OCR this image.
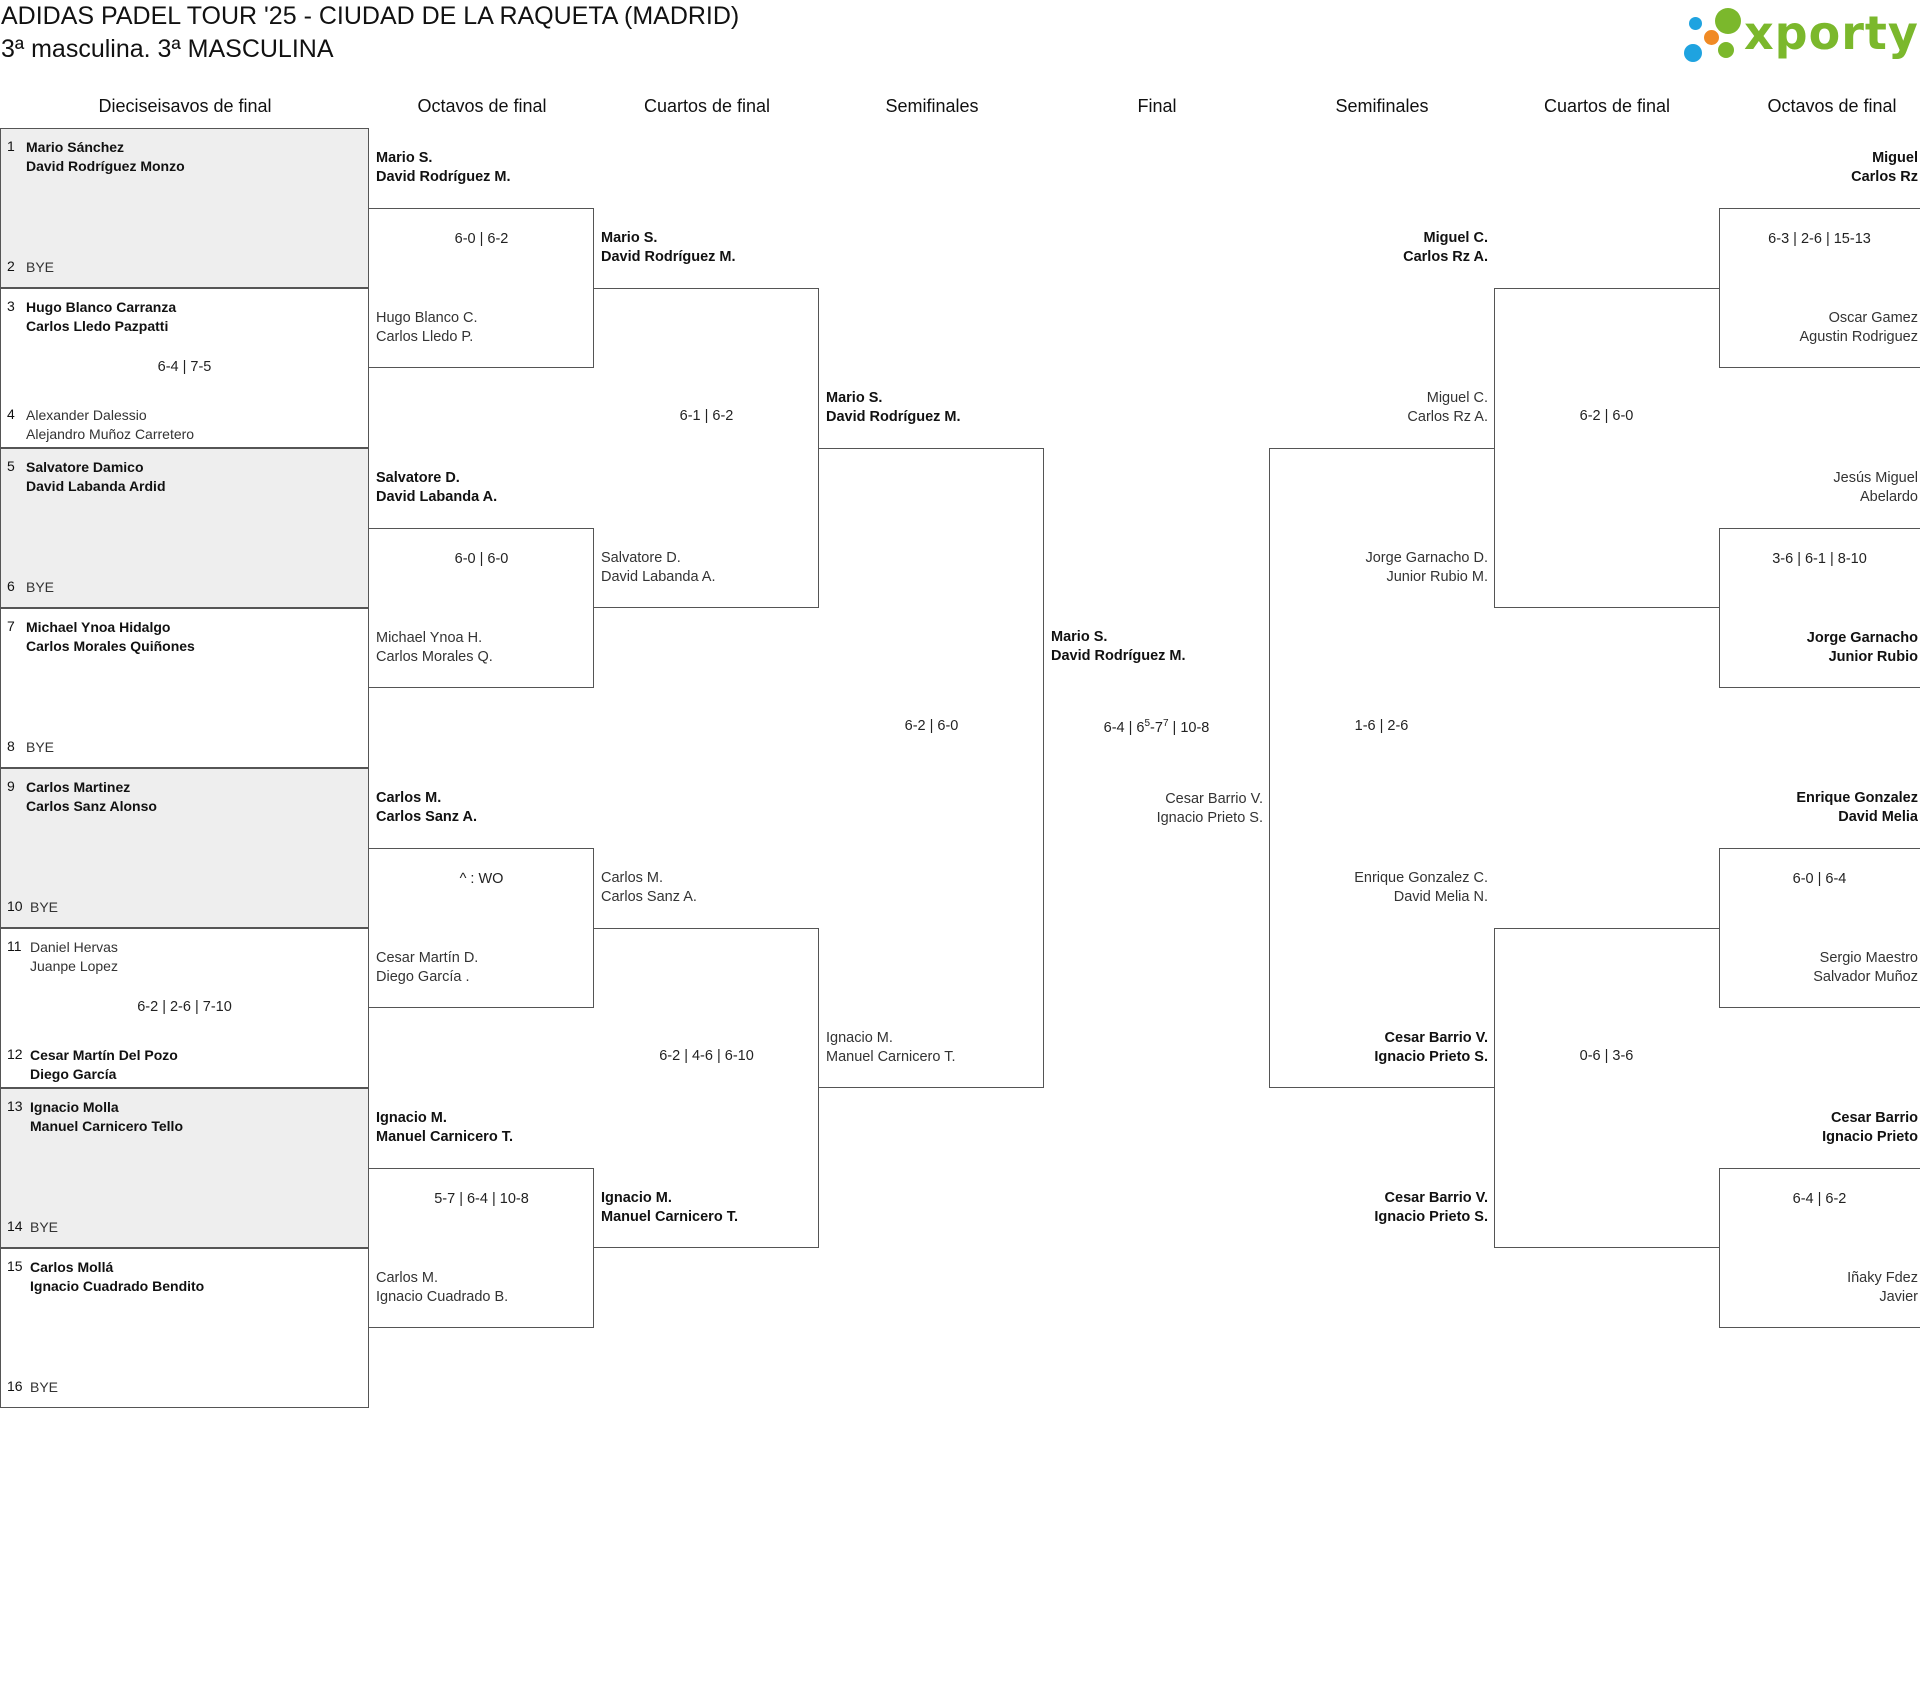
ADIDAS PADEL TOUR '25 - CIUDAD DE LA RAQUETA (MADRID)
3ª masculina. 3ª MASCULINA	xporty
Dieciseisavos de final	Octavos de final	Cuartos de final	Semifinales	Final	Semifinales	Cuartos de final	Octavos de final
1 Mario Sánchez
David Rodríguez Monzo
2 BYE
3 Hugo Blanco Carranza
Carlos Lledo Pazpatti
4 Alexander Dalessio
Alejandro Muñoz Carretero
6-4 | 7-5
5 Salvatore Damico
David Labanda Ardid
6 BYE
7 Michael Ynoa Hidalgo
Carlos Morales Quiñones
8 BYE
9 Carlos Martinez
Carlos Sanz Alonso
10 BYE
11 Daniel Hervas
Juanpe Lopez
12 Cesar Martín Del Pozo
Diego García
6-2 | 2-6 | 7-10
13 Ignacio Molla
Manuel Carnicero Tello
14 BYE
15 Carlos Mollá
Ignacio Cuadrado Bendito
16 BYE
Mario S.
David Rodríguez M.
Hugo Blanco C.
Carlos Lledo P.
6-0 | 6-2
Salvatore D.
David Labanda A.
Michael Ynoa H.
Carlos Morales Q.
6-0 | 6-0
Carlos M.
Carlos Sanz A.
Cesar Martín D.
Diego García .
^ : WO
Ignacio M.
Manuel Carnicero T.
Carlos M.
Ignacio Cuadrado B.
5-7 | 6-4 | 10-8
Mario S.
David Rodríguez M.
Salvatore D.
David Labanda A.
6-1 | 6-2
Carlos M.
Carlos Sanz A.
Ignacio M.
Manuel Carnicero T.
6-2 | 4-6 | 6-10
Mario S.
David Rodríguez M.
Ignacio M.
Manuel Carnicero T.
6-2 | 6-0
Mario S.
David Rodríguez M.
6-4 | $6^5-7^7$ | 10-8
Cesar Barrio V.
Ignacio Prieto S.
Miguel C.
Carlos Rz A.
Cesar Barrio V.
Ignacio Prieto S.
1-6 | 2-6
Miguel C.
Carlos Rz A.
Jorge Garnacho D.
Junior Rubio M.
6-2 | 6-0
Enrique Gonzalez C.
David Melia N.
Cesar Barrio V.
Ignacio Prieto S.
0-6 | 3-6
Miguel
Carlos Rz
Oscar Gamez
Agustin Rodriguez
6-3 | 2-6 | 15-13
Jesús Miguel
Abelardo
Jorge Garnacho
Junior Rubio
3-6 | 6-1 | 8-10
Enrique Gonzalez
David Melia
Sergio Maestro
Salvador Muñoz
6-0 | 6-4
Cesar Barrio
Ignacio Prieto
Iñaky Fdez
Javier
6-4 | 6-2
